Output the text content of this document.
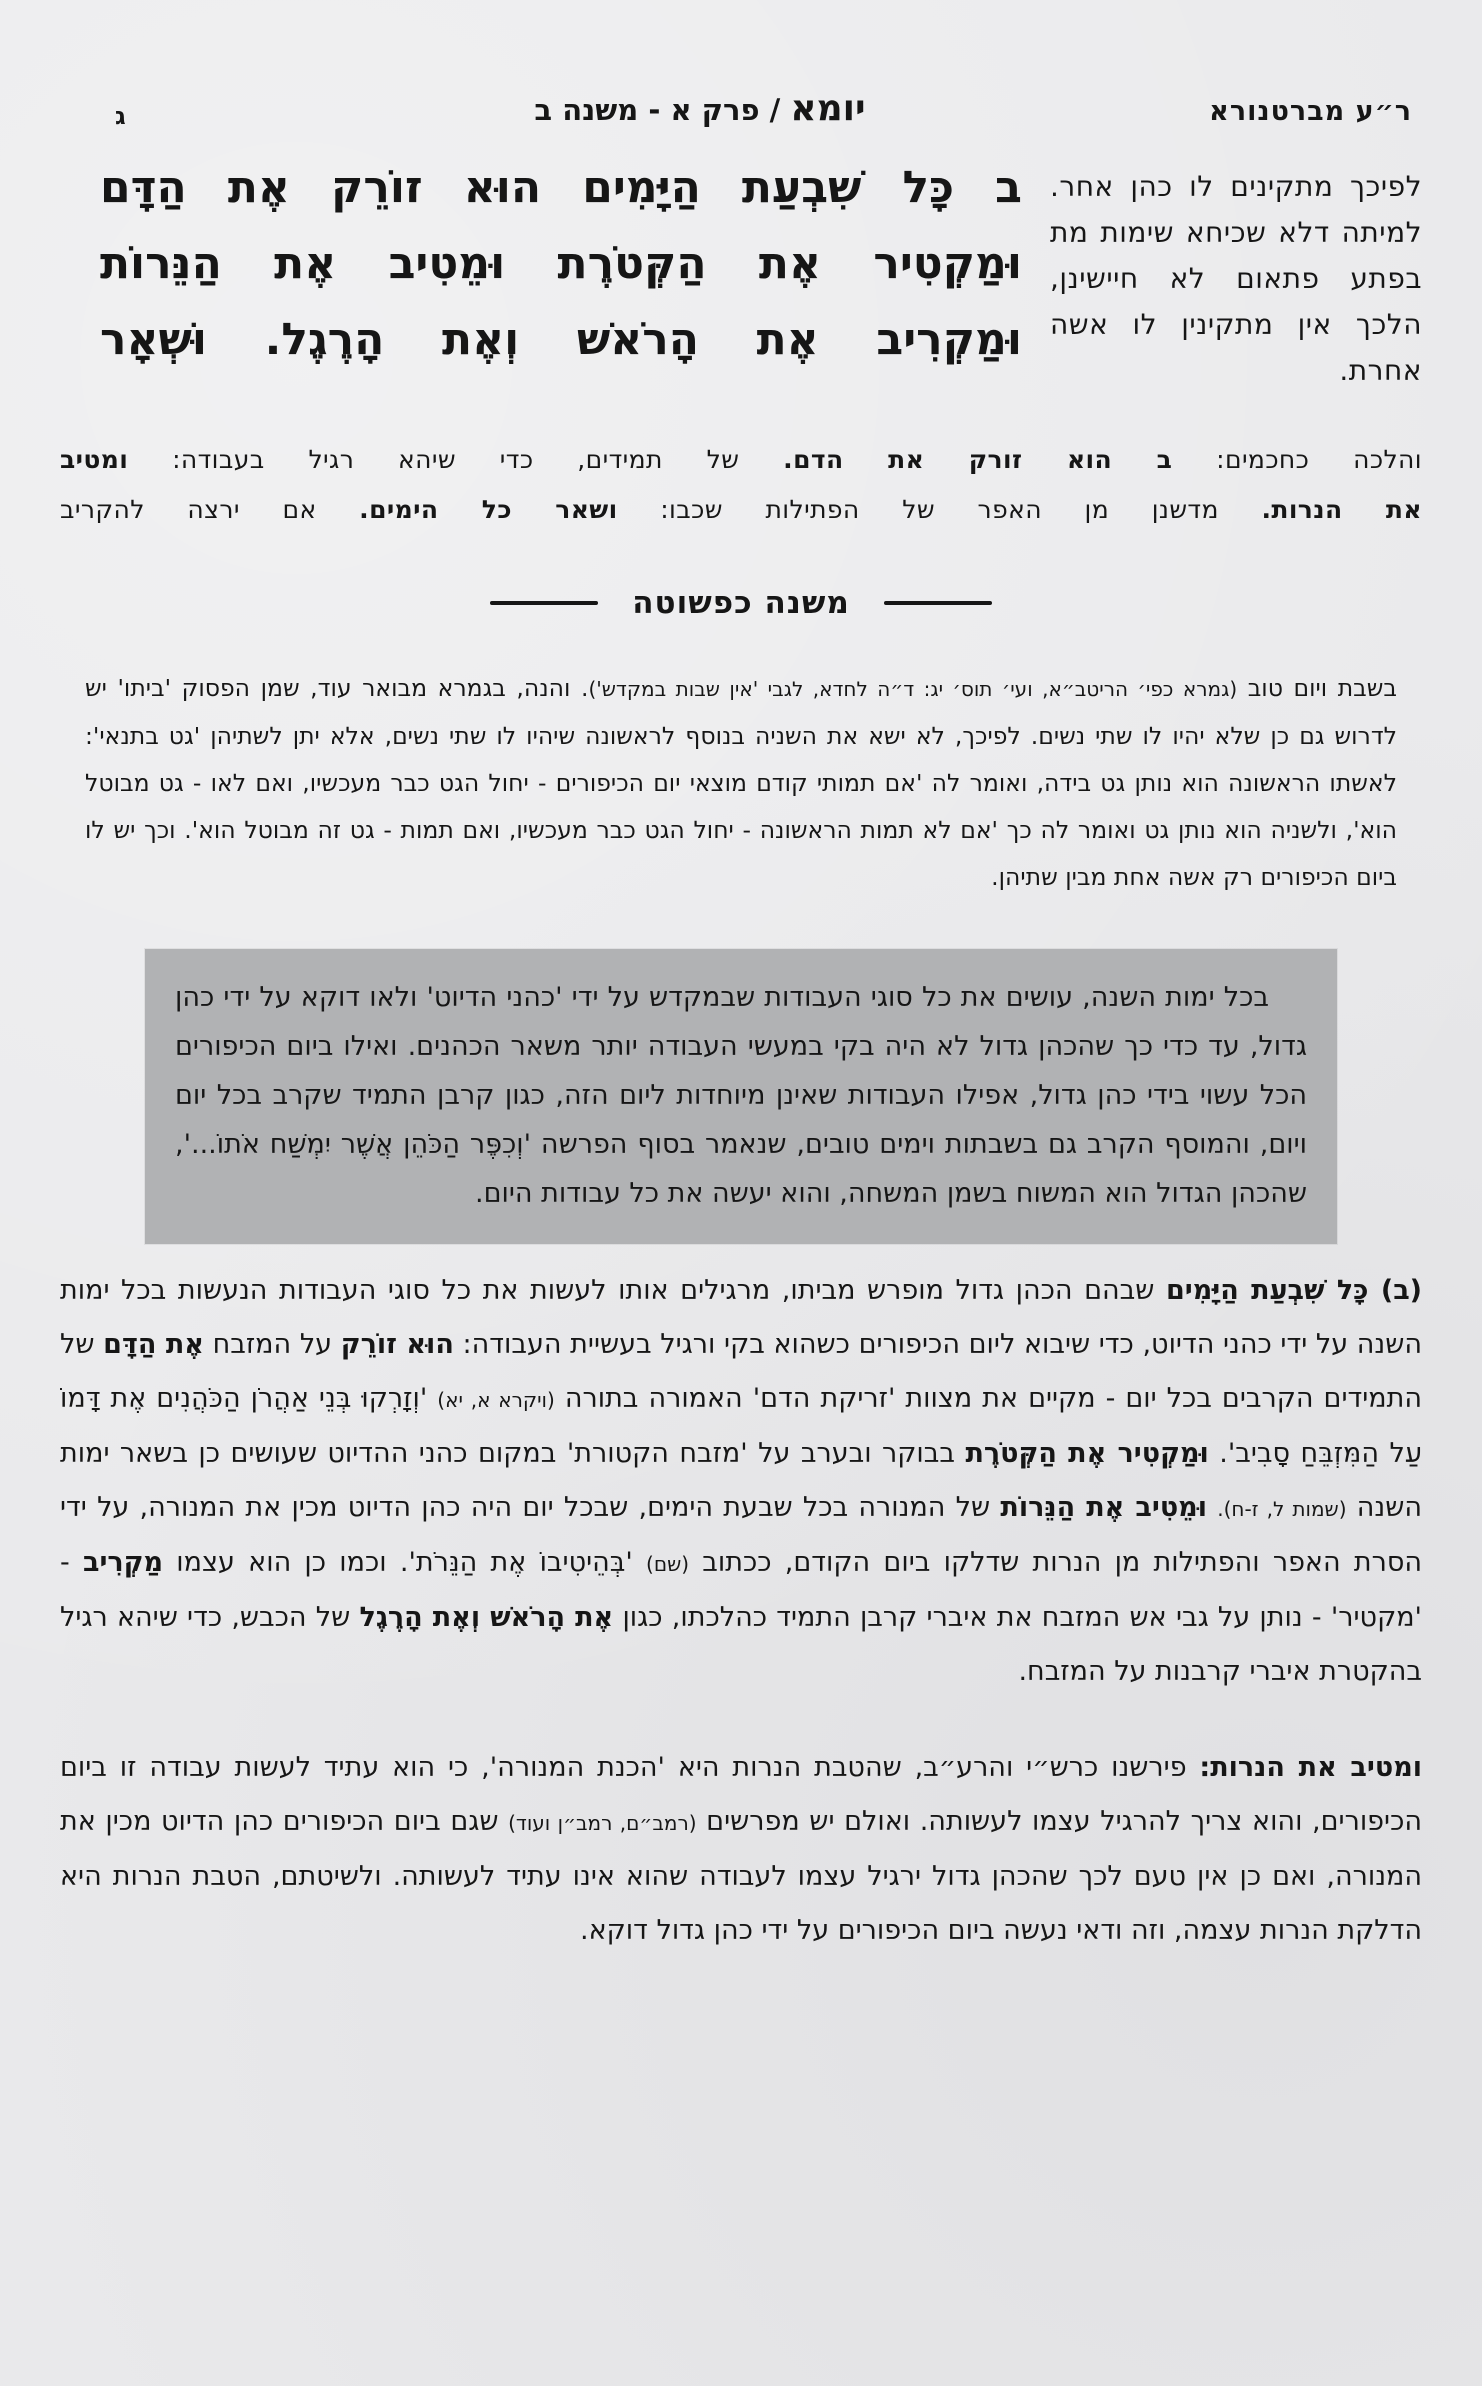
ר״ע מברטנורא
יומא / פרק א - משנה ב
ג
לפיכך מתקינים לו כהן אחר. למיתה דלא שכיחא שימות מת בפתע פתאום לא חיישינן, הלכך אין מתקינין לו אשה אחרת.
ב כָּל שִׁבְעַת הַיָּמִים הוּא זוֹרֵק אֶת הַדָּם
וּמַקְטִיר אֶת הַקְּטֹרֶת וּמֵטִיב אֶת הַנֵּרוֹת
וּמַקְרִיב אֶת הָרֹאשׁ וְאֶת הָרֶגֶל. וּשְׁאָר
והלכה כחכמים: ב הוא זורק את הדם. של תמידים, כדי שיהא רגיל בעבודה: ומטיב
את הנרות. מדשנן מן האפר של הפתילות שכבו: ושאר כל הימים. אם ירצה להקריב
משנה כפשוטה

בשבת ויום טוב (גמרא כפי׳ הריטב״א, ועי׳ תוס׳ יג: ד״ה לחדא, לגבי 'אין שבות במקדש'). והנה, בגמרא מבואר עוד, שמן הפסוק 'ביתו' יש לדרוש גם כן שלא יהיו לו שתי נשים. לפיכך, לא ישא את השניה בנוסף לראשונה שיהיו לו שתי נשים, אלא יתן לשתיהן 'גט בתנאי': לאשתו הראשונה הוא נותן גט בידה, ואומר לה 'אם תמותי קודם מוצאי יום הכיפורים - יחול הגט כבר מעכשיו, ואם לאו - גט מבוטל הוא', ולשניה הוא נותן גט ואומר לה כך 'אם לא תמות הראשונה - יחול הגט כבר מעכשיו, ואם תמות - גט זה מבוטל הוא'. וכך יש לו ביום הכיפורים רק אשה אחת מבין שתיהן.

בכל ימות השנה, עושים את כל סוגי העבודות שבמקדש על ידי 'כהני הדיוט' ולאו דוקא על ידי כהן גדול, עד כדי כך שהכהן גדול לא היה בקי במעשי העבודה יותר משאר הכהנים. ואילו ביום הכיפורים הכל עשוי בידי כהן גדול, אפילו העבודות שאינן מיוחדות ליום הזה, כגון קרבן התמיד שקרב בכל יום ויום, והמוסף הקרב גם בשבתות וימים טובים, שנאמר בסוף הפרשה 'וְכִפֶּר הַכֹּהֵן אֲשֶׁר יִמְשַׁח אֹתוֹ...', שהכהן הגדול הוא המשוח בשמן המשחה, והוא יעשה את כל עבודות היום.

(ב) כָּל שִׁבְעַת הַיָּמִים שבהם הכהן גדול מופרש מביתו, מרגילים אותו לעשות את כל סוגי העבודות הנעשות בכל ימות השנה על ידי כהני הדיוט, כדי שיבוא ליום הכיפורים כשהוא בקי ורגיל בעשיית העבודה: הוּא זוֹרֵק על המזבח אֶת הַדָּם של התמידים הקרבים בכל יום - מקיים את מצוות 'זריקת הדם' האמורה בתורה (ויקרא א, יא) 'וְזָרְקוּ בְּנֵי אַהֲרֹן הַכֹּהֲנִים אֶת דָּמוֹ עַל הַמִּזְבֵּחַ סָבִיב'. וּמַקְטִיר אֶת הַקְּטֹרֶת בבוקר ובערב על 'מזבח הקטורת' במקום כהני ההדיוט שעושים כן בשאר ימות השנה (שמות ל, ז-ח). וּמֵטִיב אֶת הַנֵּרוֹת של המנורה בכל שבעת הימים, שבכל יום היה כהן הדיוט מכין את המנורה, על ידי הסרת האפר והפתילות מן הנרות שדלקו ביום הקודם, ככתוב (שם) 'בְּהֵיטִיבוֹ אֶת הַנֵּרֹת'. וכמו כן הוא עצמו מַקְרִיב - 'מקטיר' - נותן על גבי אש המזבח את איברי קרבן התמיד כהלכתו, כגון אֶת הָרֹאשׁ וְאֶת הָרֶגֶל של הכבש, כדי שיהא רגיל בהקטרת איברי קרבנות על המזבח.

ומטיב את הנרות: פירשנו כרש״י והרע״ב, שהטבת הנרות היא 'הכנת המנורה', כי הוא עתיד לעשות עבודה זו ביום הכיפורים, והוא צריך להרגיל עצמו לעשותה. ואולם יש מפרשים (רמב״ם, רמב״ן ועוד) שגם ביום הכיפורים כהן הדיוט מכין את המנורה, ואם כן אין טעם לכך שהכהן גדול ירגיל עצמו לעבודה שהוא אינו עתיד לעשותה. ולשיטתם, הטבת הנרות היא הדלקת הנרות עצמה, וזה ודאי נעשה ביום הכיפורים על ידי כהן גדול דוקא.
